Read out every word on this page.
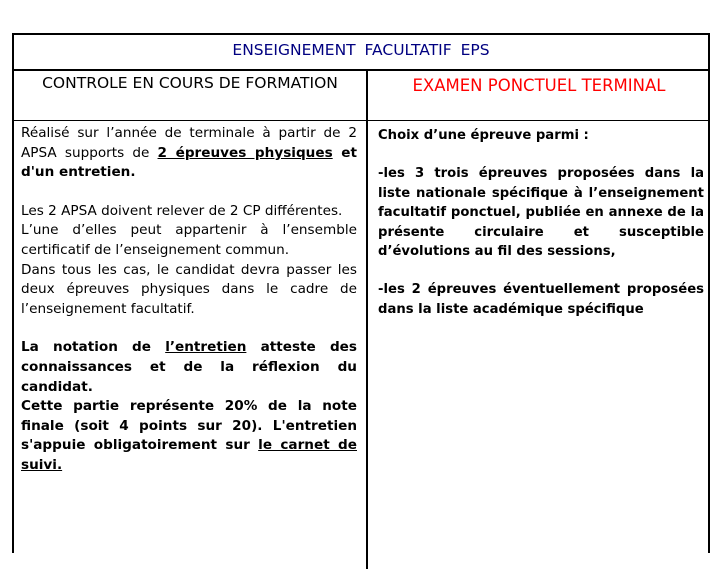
ENSEIGNEMENT FACULTATIF EPS
CONTROLE EN COURS DE FORMATION	EXAMEN PONCTUEL TERMINAL

Réalisé sur l’année de terminale à partir de 2 APSA supports de 2 épreuves physiques et d'un entretien.

Les 2 APSA doivent relever de 2 CP différentes.
L’une d’elles peut appartenir à l’ensemble certificatif de l’enseignement commun.
Dans tous les cas, le candidat devra passer les deux épreuves physiques dans le cadre de l’enseignement facultatif.

La notation de l’entretien atteste des connaissances et de la réflexion du candidat.

Cette partie représente 20% de la note finale (soit 4 points sur 20). L'entretien s'appuie obligatoirement sur le carnet de suivi.

Choix d’une épreuve parmi :

-les 3 trois épreuves proposées dans la liste nationale spécifique à l’enseignement facultatif ponctuel, publiée en annexe de la présente circulaire et susceptible d’évolutions au fil des sessions,

-les 2 épreuves éventuellement proposées dans la liste académique spécifique
